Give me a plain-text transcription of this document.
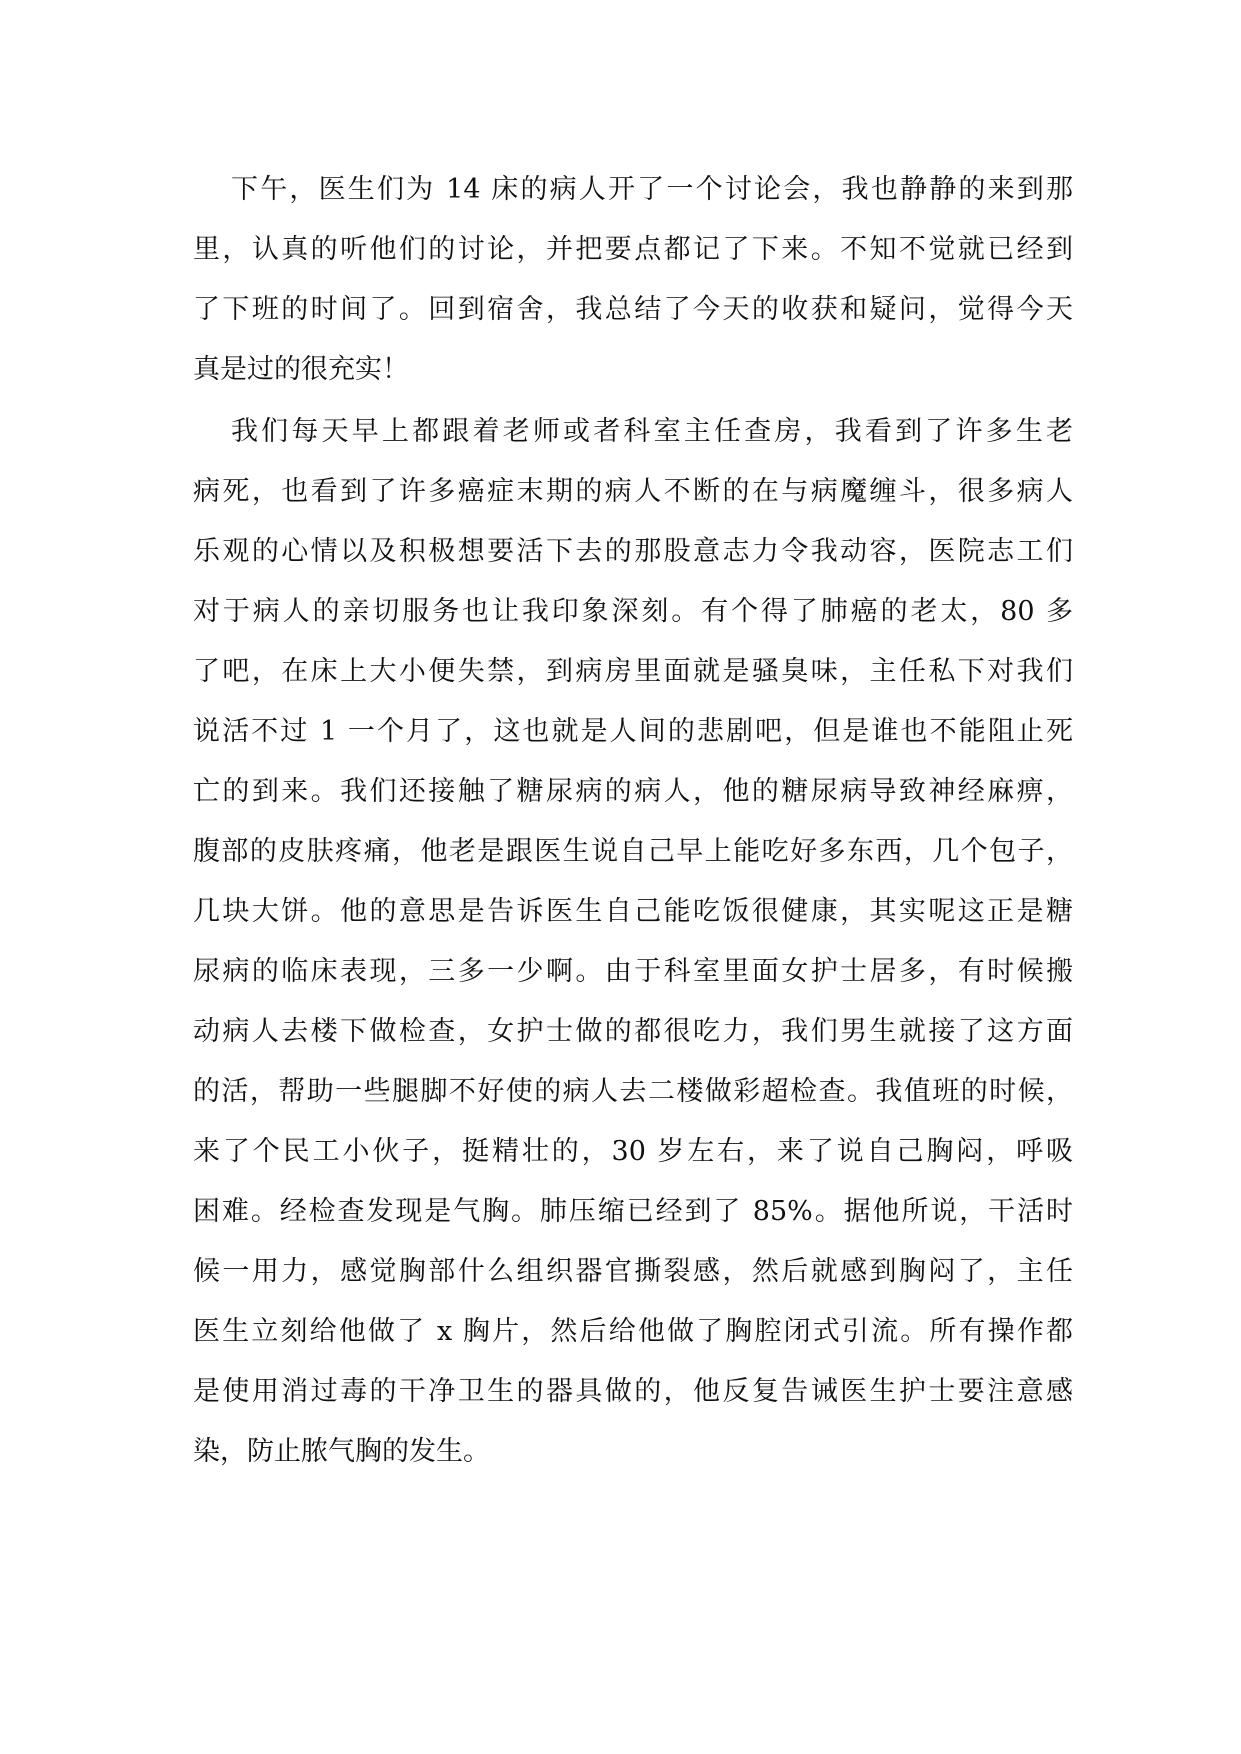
下午，医生们为 14 床的病人开了一个讨论会，我也静静的来到那
里，认真的听他们的讨论，并把要点都记了下来。不知不觉就已经到
了下班的时间了。回到宿舍，我总结了今天的收获和疑问，觉得今天
真是过的很充实！
我们每天早上都跟着老师或者科室主任查房，我看到了许多生老
病死，也看到了许多癌症末期的病人不断的在与病魔缠斗，很多病人
乐观的心情以及积极想要活下去的那股意志力令我动容，医院志工们
对于病人的亲切服务也让我印象深刻。有个得了肺癌的老太，80 多
了吧，在床上大小便失禁，到病房里面就是骚臭味，主任私下对我们
说活不过 1 一个月了，这也就是人间的悲剧吧，但是谁也不能阻止死
亡的到来。我们还接触了糖尿病的病人，他的糖尿病导致神经麻痹，
腹部的皮肤疼痛，他老是跟医生说自己早上能吃好多东西，几个包子，
几块大饼。他的意思是告诉医生自己能吃饭很健康，其实呢这正是糖
尿病的临床表现，三多一少啊。由于科室里面女护士居多，有时候搬
动病人去楼下做检查，女护士做的都很吃力，我们男生就接了这方面
的活，帮助一些腿脚不好使的病人去二楼做彩超检查。我值班的时候，
来了个民工小伙子，挺精壮的，30 岁左右，来了说自己胸闷，呼吸
困难。经检查发现是气胸。肺压缩已经到了 85%。据他所说，干活时
候一用力，感觉胸部什么组织器官撕裂感，然后就感到胸闷了，主任
医生立刻给他做了 x 胸片，然后给他做了胸腔闭式引流。所有操作都
是使用消过毒的干净卫生的器具做的，他反复告诫医生护士要注意感
染，防止脓气胸的发生。
